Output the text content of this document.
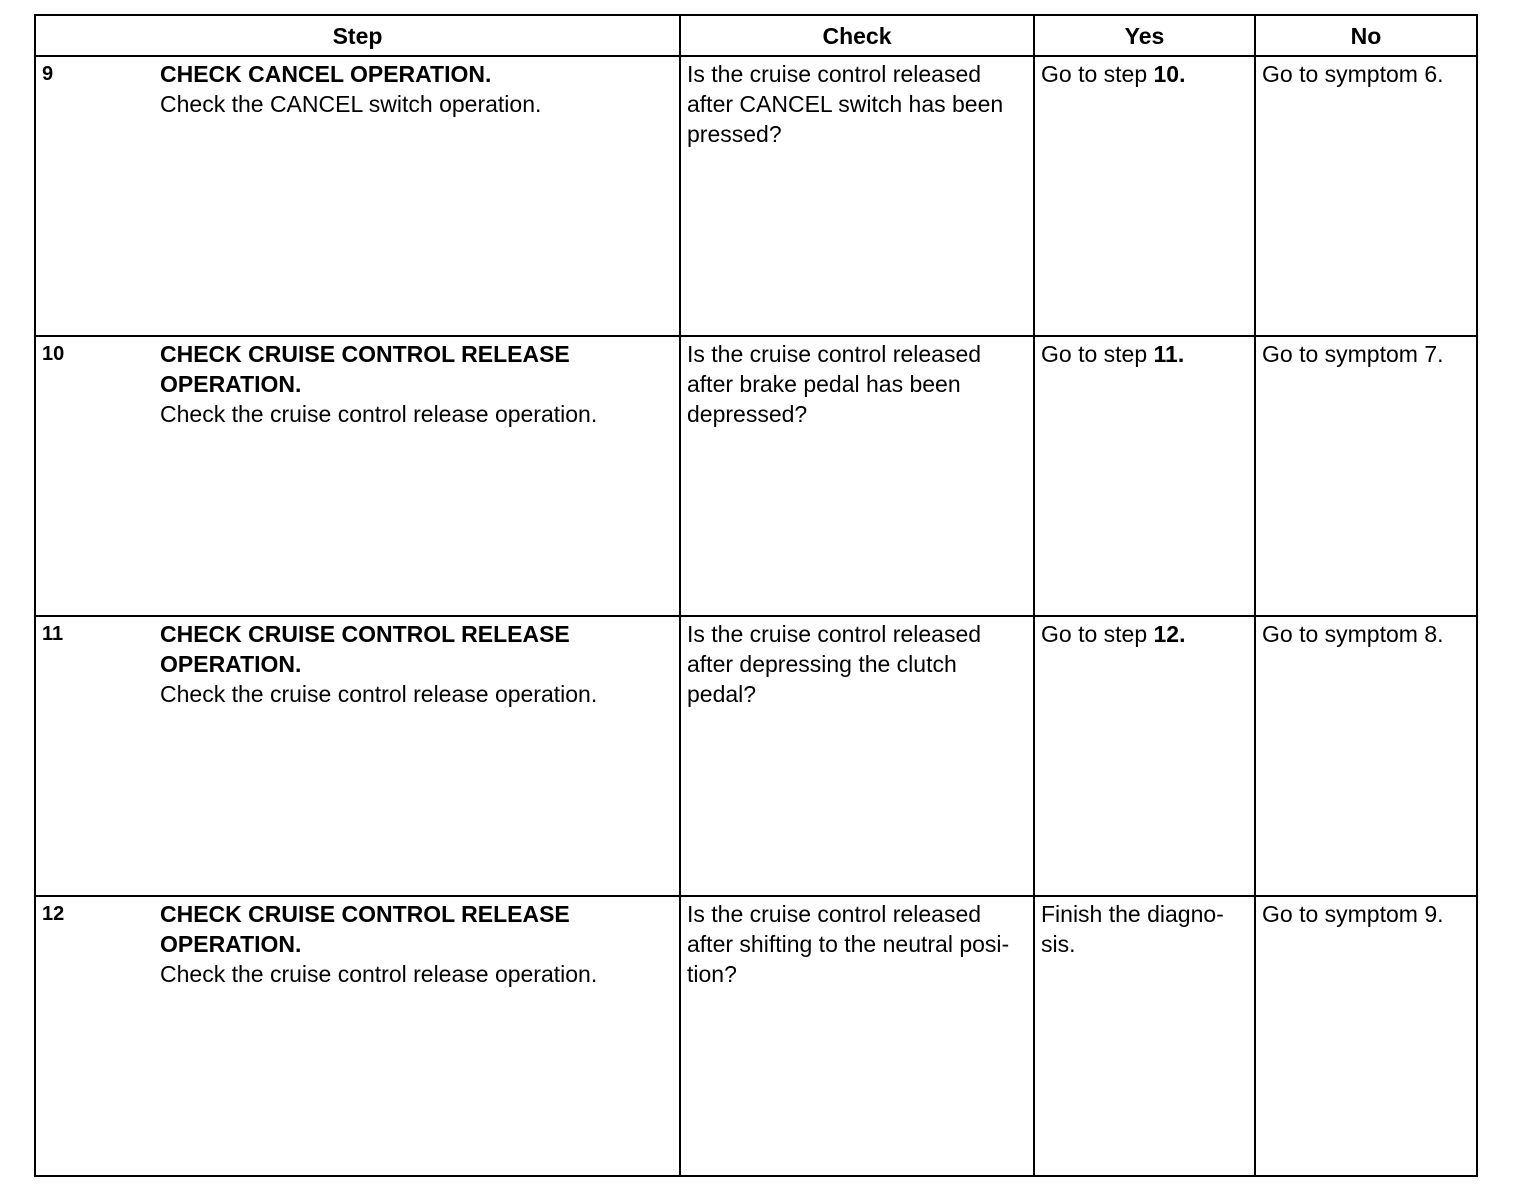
Step	Check	Yes	No

9 CHECK CANCEL OPERATION.
Check the CANCEL switch operation.	Is the cruise control released after CANCEL switch has been pressed?	Go to step 10.	Go to symptom 6.

10 CHECK CRUISE CONTROL RELEASE OPERATION.
Check the cruise control release operation.	Is the cruise control released after brake pedal has been depressed?	Go to step 11.	Go to symptom 7.

11 CHECK CRUISE CONTROL RELEASE OPERATION.
Check the cruise control release operation.	Is the cruise control released after depressing the clutch pedal?	Go to step 12.	Go to symptom 8.

12 CHECK CRUISE CONTROL RELEASE OPERATION.
Check the cruise control release operation.	Is the cruise control released after shifting to the neutral posi-tion?	Finish the diagno-sis.	Go to symptom 9.
